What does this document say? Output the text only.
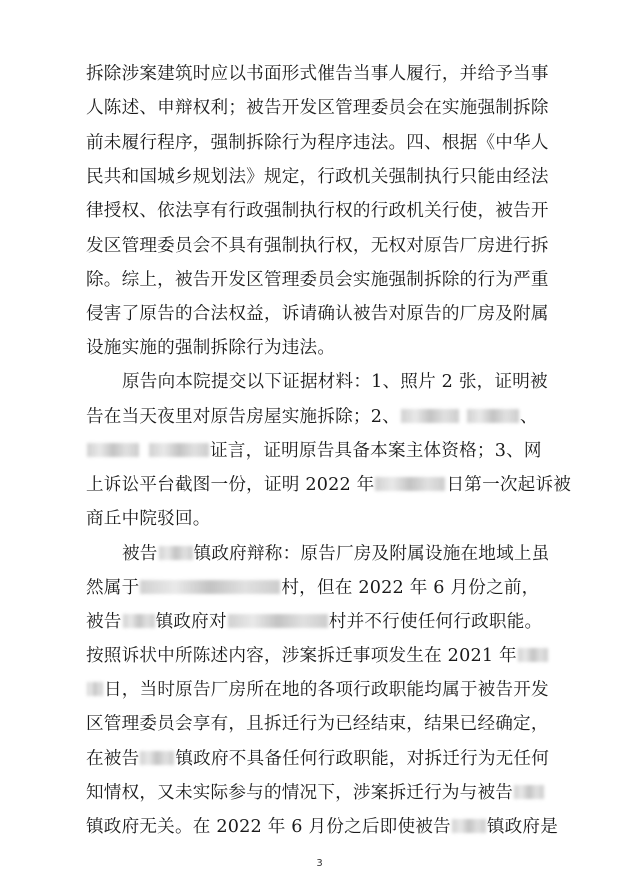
拆除涉案建筑时应以书面形式催告当事人履行，并给予当事
人陈述、申辩权利；被告开发区管理委员会在实施强制拆除
前未履行程序，强制拆除行为程序违法。四、根据《中华人
民共和国城乡规划法》规定，行政机关强制执行只能由经法
律授权、依法享有行政强制执行权的行政机关行使，被告开
发区管理委员会不具有强制执行权，无权对原告厂房进行拆
除。综上，被告开发区管理委员会实施强制拆除的行为严重
侵害了原告的合法权益，诉请确认被告对原告的厂房及附属
设施实施的强制拆除行为违法。
原告向本院提交以下证据材料：1、照片 2 张，证明被
告在当天夜里对原告房屋实施拆除；2、	、
证言，证明原告具备本案主体资格；3、网
上诉讼平台截图一份，证明 2022 年	日第一次起诉被
商丘中院驳回。
被告 镇政府辩称：原告厂房及附属设施在地域上虽
然属于	村，但在 2022 年 6 月份之前，
被告 镇政府对	村并不行使任何行政职能。
按照诉状中所陈述内容，涉案拆迁事项发生在 2021 年
日，当时原告厂房所在地的各项行政职能均属于被告开发
区管理委员会享有，且拆迁行为已经结束，结果已经确定，
在被告 镇政府不具备任何行政职能，对拆迁行为无任何
知情权，又未实际参与的情况下，涉案拆迁行为与被告
镇政府无关。在 2022 年 6 月份之后即使被告 镇政府是
3
